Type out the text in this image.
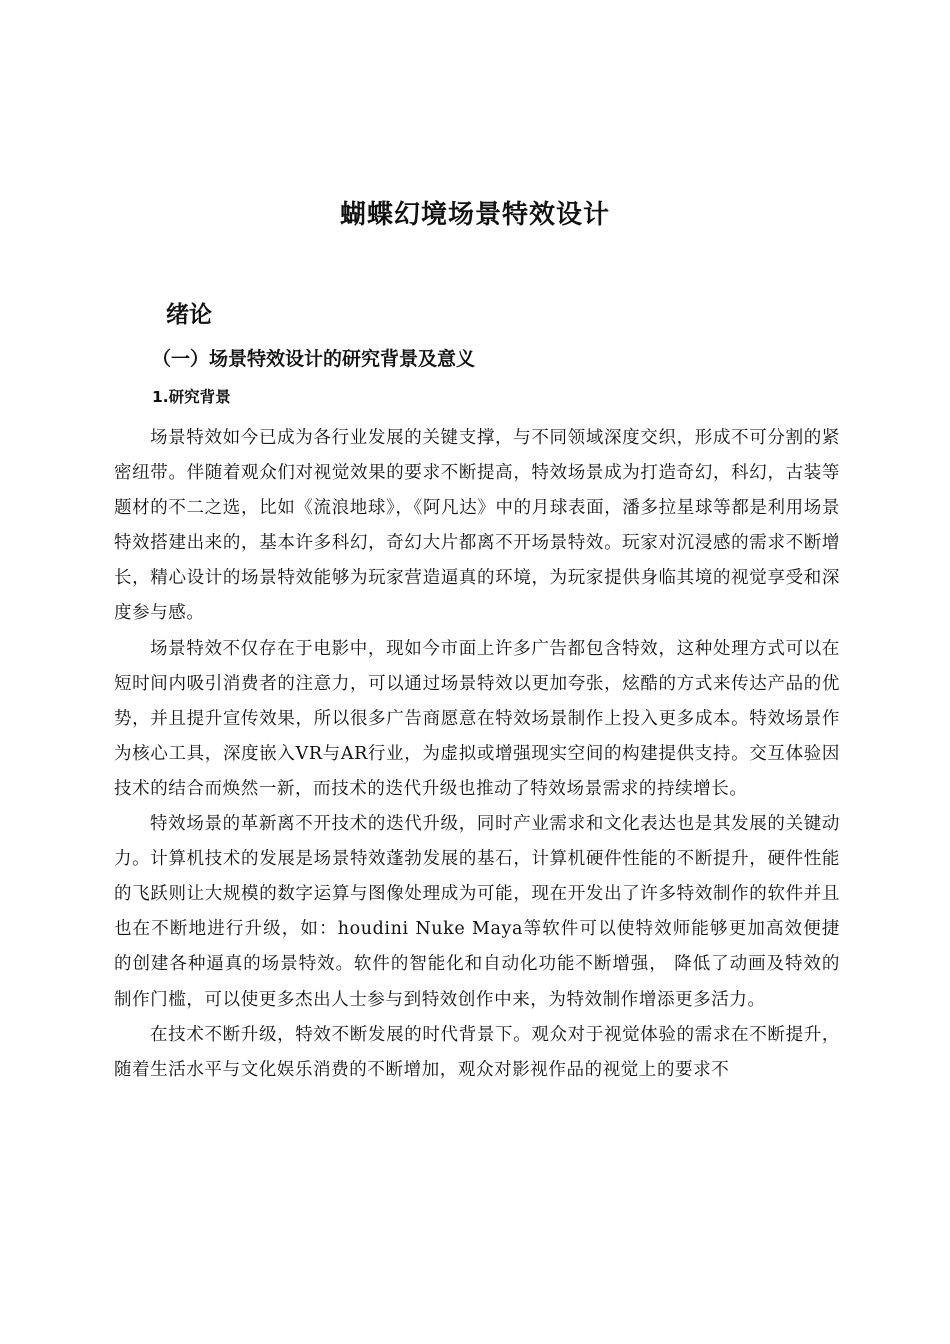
蝴蝶幻境场景特效设计
绪论
（一）场景特效设计的研究背景及意义
1.研究背景

场景特效如今已成为各行业发展的关键支撑，与不同领域深度交织，形成不可分割的紧密纽带。伴随着观众们对视觉效果的要求不断提高，特效场景成为打造奇幻，科幻，古装等题材的不二之选，比如《流浪地球》，《阿凡达》中的月球表面，潘多拉星球等都是利用场景特效搭建出来的，基本许多科幻，奇幻大片都离不开场景特效。玩家对沉浸感的需求不断增长，精心设计的场景特效能够为玩家营造逼真的环境，为玩家提供身临其境的视觉享受和深度参与感。

场景特效不仅存在于电影中，现如今市面上许多广告都包含特效，这种处理方式可以在短时间内吸引消费者的注意力，可以通过场景特效以更加夸张，炫酷的方式来传达产品的优势，并且提升宣传效果，所以很多广告商愿意在特效场景制作上投入更多成本。特效场景作为核心工具，深度嵌入VR与AR行业，为虚拟或增强现实空间的构建提供支持。交互体验因技术的结合而焕然一新，而技术的迭代升级也推动了特效场景需求的持续增长。

特效场景的革新离不开技术的迭代升级，同时产业需求和文化表达也是其发展的关键动力。计算机技术的发展是场景特效蓬勃发展的基石，计算机硬件性能的不断提升，硬件性能的飞跃则让大规模的数字运算与图像处理成为可能，现在开发出了许多特效制作的软件并且也在不断地进行升级，如：houdini Nuke Maya等软件可以使特效师能够更加高效便捷的创建各种逼真的场景特效。软件的智能化和自动化功能不断增强， 降低了动画及特效的制作门槛，可以使更多杰出人士参与到特效创作中来，为特效制作增添更多活力。

在技术不断升级，特效不断发展的时代背景下。观众对于视觉体验的需求在不断提升，随着生活水平与文化娱乐消费的不断增加，观众对影视作品的视觉上的要求不
